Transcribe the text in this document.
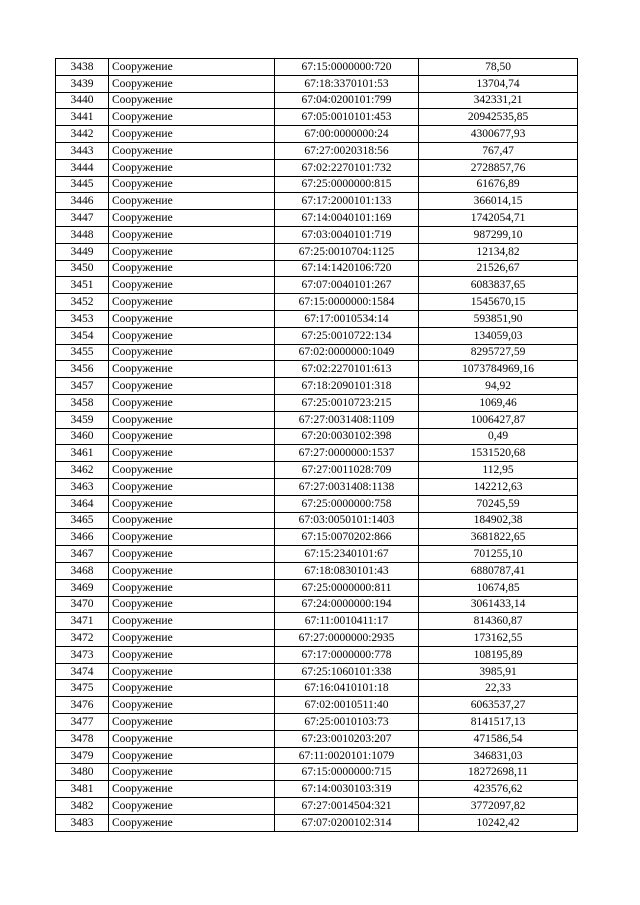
3438	Сооружение	67:15:0000000:720	78,50
3439	Сооружение	67:18:3370101:53	13704,74
3440	Сооружение	67:04:0200101:799	342331,21
3441	Сооружение	67:05:0010101:453	20942535,85
3442	Сооружение	67:00:0000000:24	4300677,93
3443	Сооружение	67:27:0020318:56	767,47
3444	Сооружение	67:02:2270101:732	2728857,76
3445	Сооружение	67:25:0000000:815	61676,89
3446	Сооружение	67:17:2000101:133	366014,15
3447	Сооружение	67:14:0040101:169	1742054,71
3448	Сооружение	67:03:0040101:719	987299,10
3449	Сооружение	67:25:0010704:1125	12134,82
3450	Сооружение	67:14:1420106:720	21526,67
3451	Сооружение	67:07:0040101:267	6083837,65
3452	Сооружение	67:15:0000000:1584	1545670,15
3453	Сооружение	67:17:0010534:14	593851,90
3454	Сооружение	67:25:0010722:134	134059,03
3455	Сооружение	67:02:0000000:1049	8295727,59
3456	Сооружение	67:02:2270101:613	1073784969,16
3457	Сооружение	67:18:2090101:318	94,92
3458	Сооружение	67:25:0010723:215	1069,46
3459	Сооружение	67:27:0031408:1109	1006427,87
3460	Сооружение	67:20:0030102:398	0,49
3461	Сооружение	67:27:0000000:1537	1531520,68
3462	Сооружение	67:27:0011028:709	112,95
3463	Сооружение	67:27:0031408:1138	142212,63
3464	Сооружение	67:25:0000000:758	70245,59
3465	Сооружение	67:03:0050101:1403	184902,38
3466	Сооружение	67:15:0070202:866	3681822,65
3467	Сооружение	67:15:2340101:67	701255,10
3468	Сооружение	67:18:0830101:43	6880787,41
3469	Сооружение	67:25:0000000:811	10674,85
3470	Сооружение	67:24:0000000:194	3061433,14
3471	Сооружение	67:11:0010411:17	814360,87
3472	Сооружение	67:27:0000000:2935	173162,55
3473	Сооружение	67:17:0000000:778	108195,89
3474	Сооружение	67:25:1060101:338	3985,91
3475	Сооружение	67:16:0410101:18	22,33
3476	Сооружение	67:02:0010511:40	6063537,27
3477	Сооружение	67:25:0010103:73	8141517,13
3478	Сооружение	67:23:0010203:207	471586,54
3479	Сооружение	67:11:0020101:1079	346831,03
3480	Сооружение	67:15:0000000:715	18272698,11
3481	Сооружение	67:14:0030103:319	423576,62
3482	Сооружение	67:27:0014504:321	3772097,82
3483	Сооружение	67:07:0200102:314	10242,42
